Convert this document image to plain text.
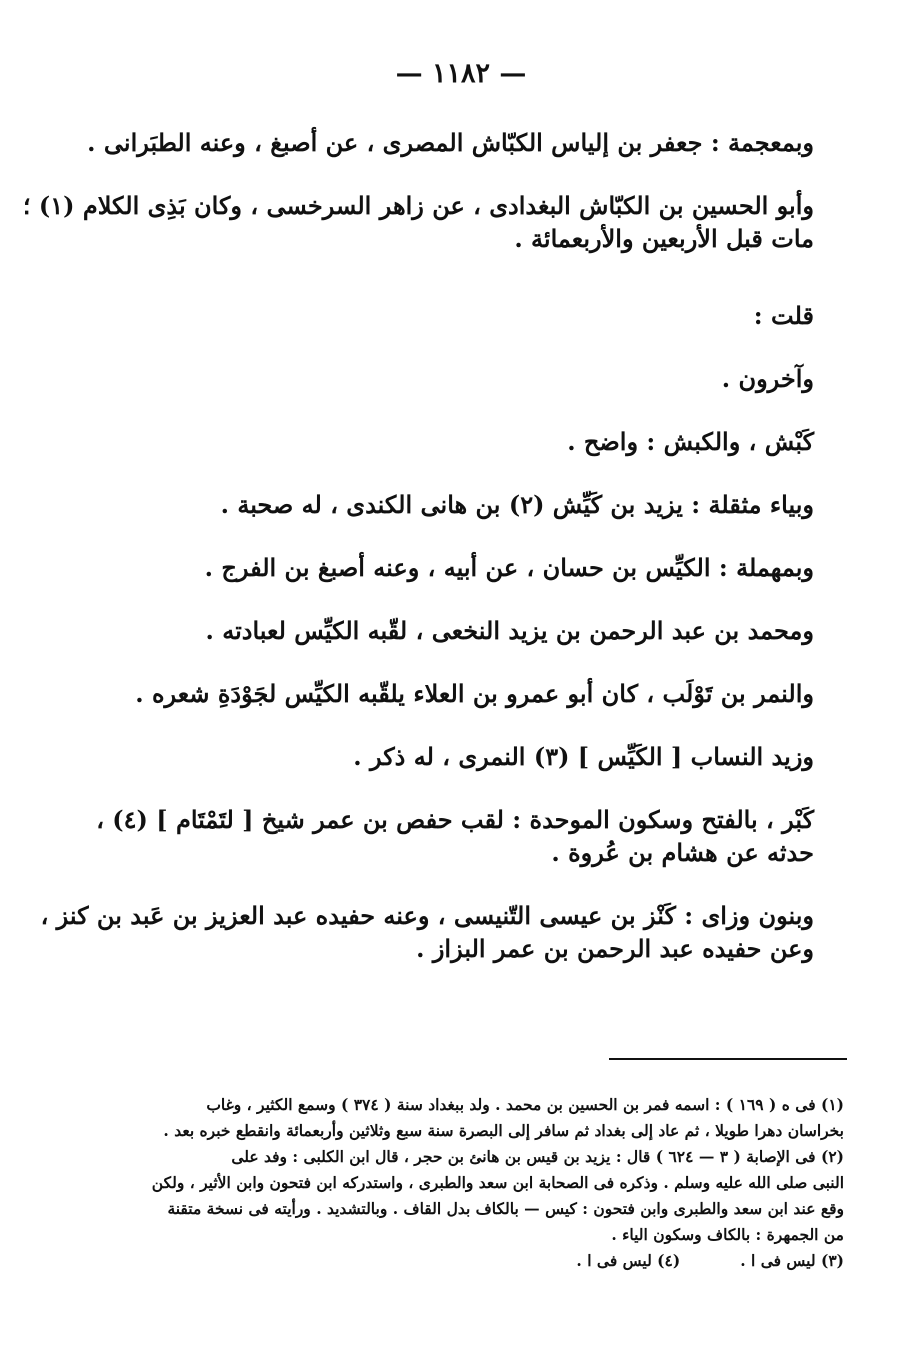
— ١١٨٢ —
وبمعجمة : جعفر بن إلياس الكبّاش المصرى ، عن أصبغ ، وعنه الطبَرانى .
وأبو الحسين بن الكبّاش البغدادى ، عن زاهر السرخسى ، وكان بَذِى الكلام (١) ؛
مات قبل الأربعين والأربعمائة .
قلت :
وآخرون .
كَبْش ، والكبش : واضح .
وبياء مثقلة : يزيد بن كَيِّش (٢) بن هانى الكندى ، له صحبة .
وبمهملة : الكيِّس بن حسان ، عن أبيه ، وعنه أصبغ بن الفرج .
ومحمد بن عبد الرحمن بن يزيد النخعى ، لقّبه الكيِّس لعبادته .
والنمر بن تَوْلَب ، كان أبو عمرو بن العلاء يلقّبه الكيِّس لجَوْدَةِ شعره .
وزيد النساب [ الكَيِّس ] (٣) النمرى ، له ذكر .
كَبْر ، بالفتح وسكون الموحدة : لقب حفص بن عمر شيخ [ لتَمْتَام ] (٤) ،
حدثه عن هشام بن عُروة .
وبنون وزاى : كَنْز بن عيسى التّنيسى ، وعنه حفيده عبد العزيز بن عَبد بن كنز ،
وعن حفيده عبد الرحمن بن عمر البزاز .
(١) فى ه ( ١٦٩ ) : اسمه فمر بن الحسين بن محمد . ولد ببغداد سنة ( ٣٧٤ ) وسمع الكثير ، وغاب
بخراسان دهرا طويلا ، ثم عاد إلى بغداد ثم سافر إلى البصرة سنة سبع وثلاثين وأربعمائة وانقطع خبره بعد .
(٢) فى الإصابة ( ٣ — ٦٢٤ ) قال : يزيد بن قيس بن هانئ بن حجر ، قال ابن الكلبى : وفد على
النبى صلى الله عليه وسلم . وذكره فى الصحابة ابن سعد والطبرى ، واستدركه ابن فتحون وابن الأثير ، ولكن
وقع عند ابن سعد والطبرى وابن فتحون : كيس — بالكاف بدل القاف . وبالتشديد . ورأيته فى نسخة متقنة
من الجمهرة : بالكاف وسكون الياء .
(٣) ليس فى ا .
(٤) ليس فى ا .
